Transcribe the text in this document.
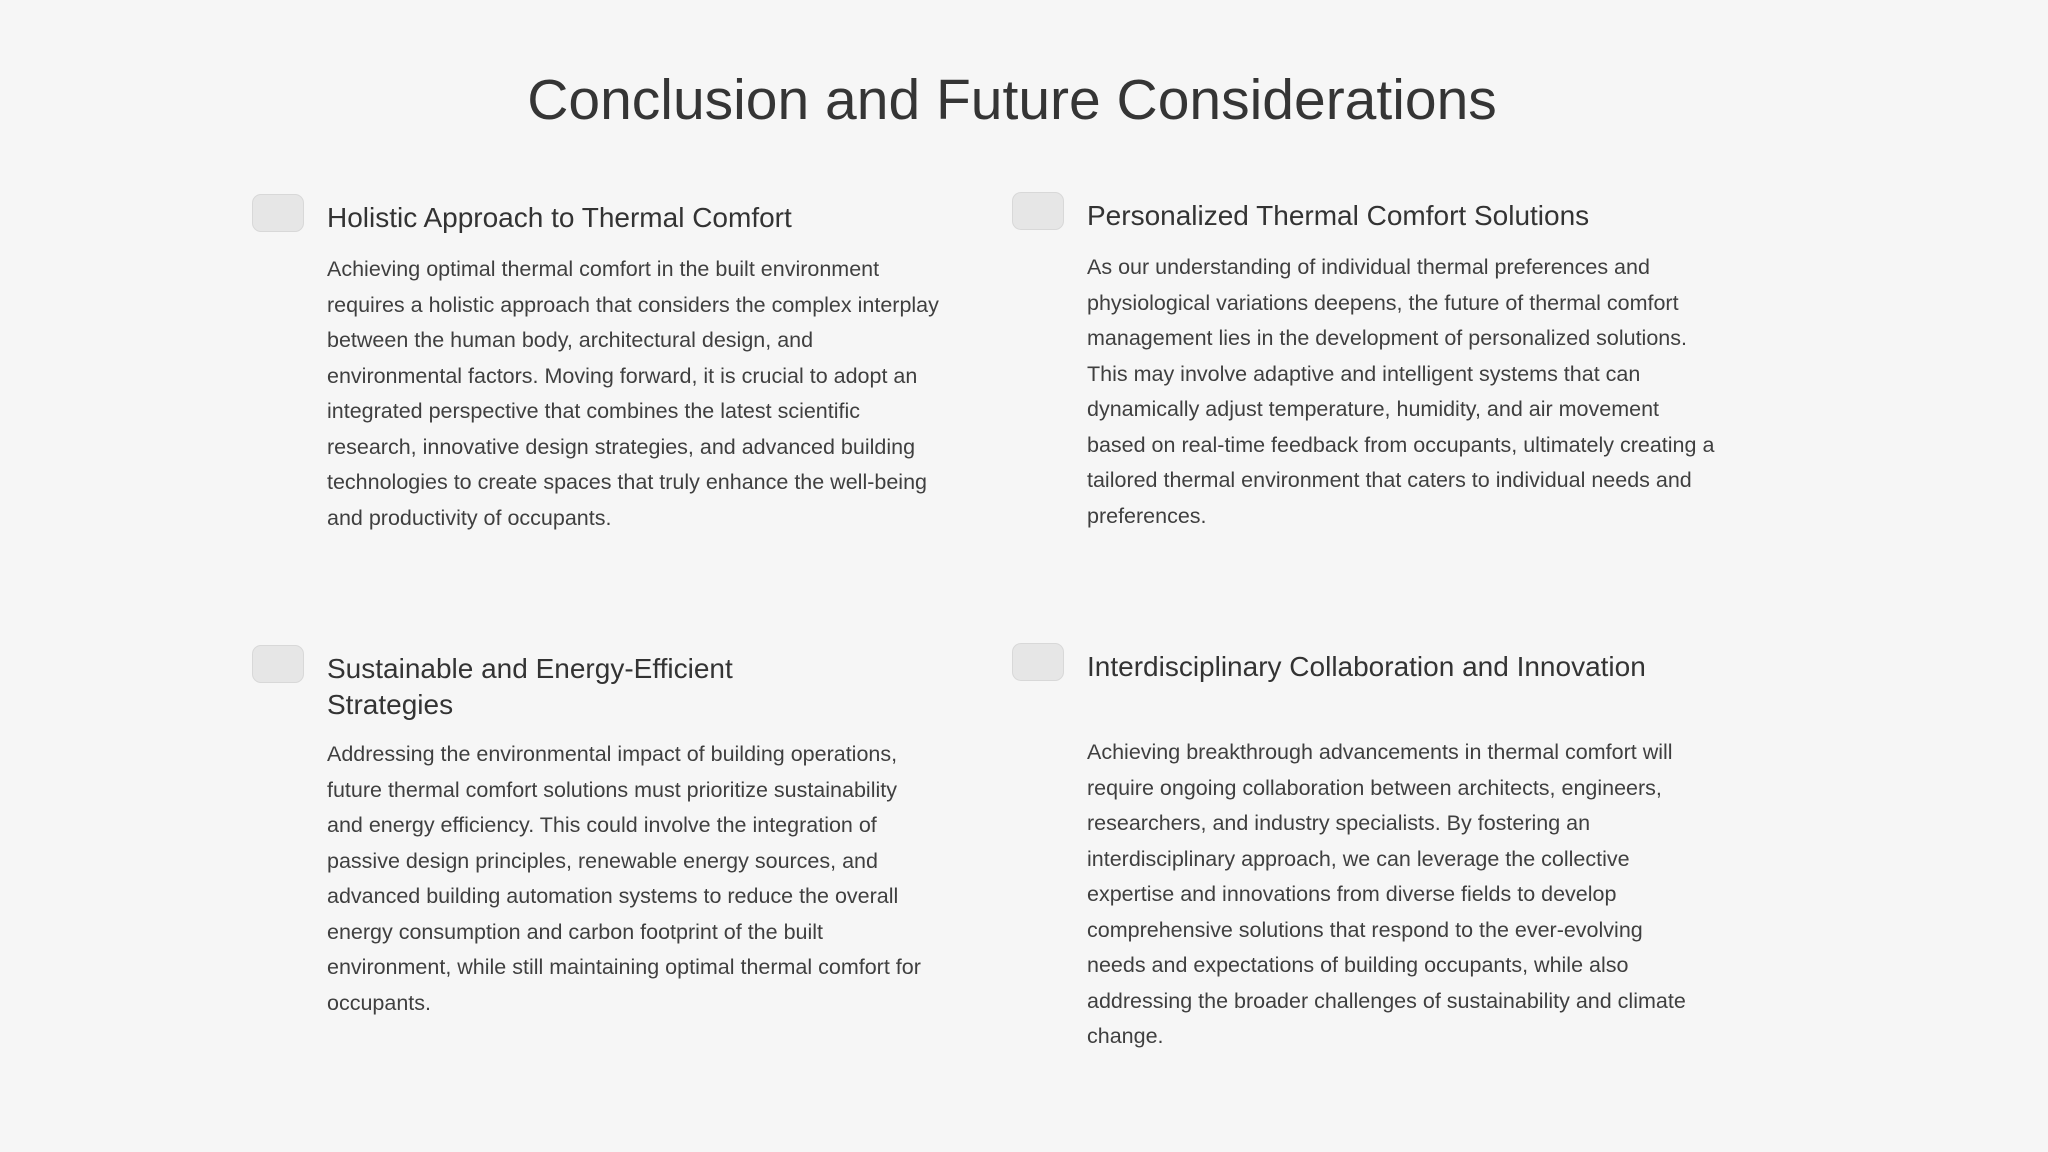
Conclusion and Future Considerations
Holistic Approach to Thermal Comfort

Achieving optimal thermal comfort in the built environment requires a holistic approach that considers the complex interplay between the human body, architectural design, and environmental factors. Moving forward, it is crucial to adopt an integrated perspective that combines the latest scientific research, innovative design strategies, and advanced building technologies to create spaces that truly enhance the well-being and productivity of occupants.

Personalized Thermal Comfort Solutions

As our understanding of individual thermal preferences and physiological variations deepens, the future of thermal comfort management lies in the development of personalized solutions. This may involve adaptive and intelligent systems that can dynamically adjust temperature, humidity, and air movement based on real-time feedback from occupants, ultimately creating a tailored thermal environment that caters to individual needs and preferences.

Sustainable and Energy-Efficient Strategies

Addressing the environmental impact of building operations, future thermal comfort solutions must prioritize sustainability and energy efficiency. This could involve the integration of passive design principles, renewable energy sources, and advanced building automation systems to reduce the overall energy consumption and carbon footprint of the built environment, while still maintaining optimal thermal comfort for occupants.

Interdisciplinary Collaboration and Innovation

Achieving breakthrough advancements in thermal comfort will require ongoing collaboration between architects, engineers, researchers, and industry specialists. By fostering an interdisciplinary approach, we can leverage the collective expertise and innovations from diverse fields to develop comprehensive solutions that respond to the ever-evolving needs and expectations of building occupants, while also addressing the broader challenges of sustainability and climate change.
